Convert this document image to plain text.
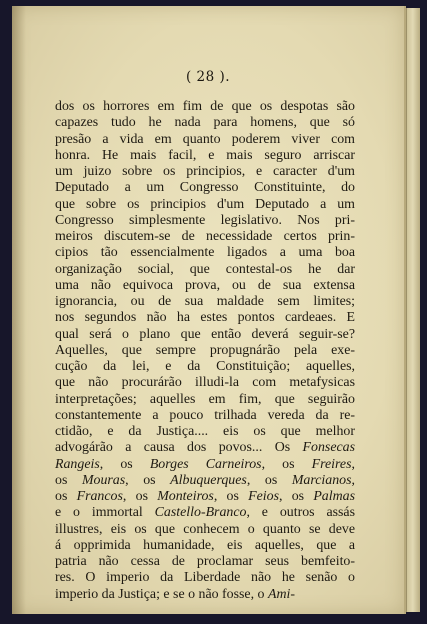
( 28 ).
dos os horrores em fim de que os despotas são
capazes tudo he nada para homens, que só
presão a vida em quanto poderem viver com
honra. He mais facil, e mais seguro arriscar
um juizo sobre os principios, e caracter d'um
Deputado a um Congresso Constituinte, do
que sobre os principios d'um Deputado a um
Congresso simplesmente legislativo. Nos pri-
meiros discutem-se de necessidade certos prin-
cipios tão essencialmente ligados a uma boa
organização social, que contestal-os he dar
uma não equivoca prova, ou de sua extensa
ignorancia, ou de sua maldade sem limites;
nos segundos não ha estes pontos cardeaes. E
qual será o plano que então deverá seguir-se?
Aquelles, que sempre propugnárão pela exe-
cução da lei, e da Constituição; aquelles,
que não procurárão illudi-la com metafysicas
interpretações; aquelles em fim, que seguirão
constantemente a pouco trilhada vereda da re-
ctidão, e da Justiça.... eis os que melhor
advogárão a causa dos povos... Os Fonsecas
Rangeis, os Borges Carneiros, os Freires,
os Mouras, os Albuquerques, os Marcianos,
os Francos, os Monteiros, os Feios, os Palmas
e o immortal Castello-Branco, e outros assás
illustres, eis os que conhecem o quanto se deve
á opprimida humanidade, eis aquelles, que a
patria não cessa de proclamar seus bemfeito-
res. O imperio da Liberdade não he senão o
imperio da Justiça; e se o não fosse, o Ami-
